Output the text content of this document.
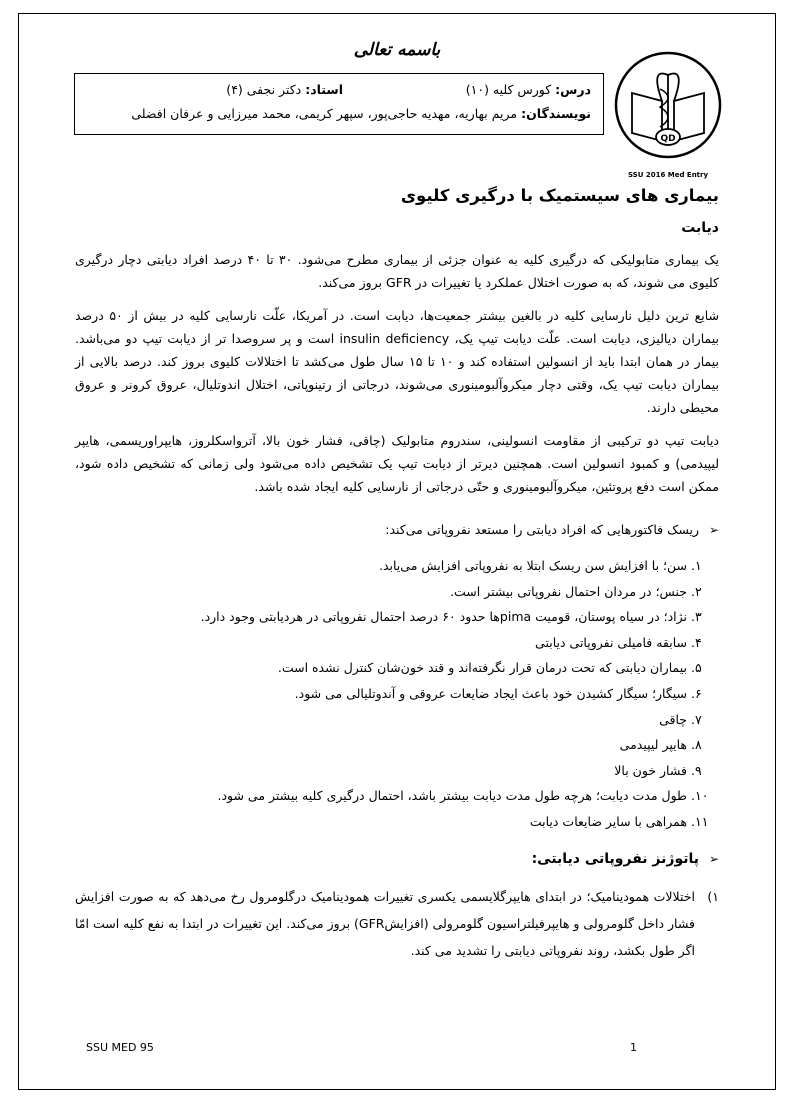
باسمه تعالی
QD
SSU 2016 Med Entry
درس: کورس کلیه (۱۰)
استاد: دکتر نجفی (۴)
نویسندگان: مریم بهاریه، مهدیه حاجی‌پور، سپهر کریمی، محمد میرزایی و عرفان افضلی
بیماری های سیستمیک با درگیری کلیوی
دیابت

یک بیماری متابولیکی که درگیری کلیه به عنوان جزئی از بیماری مطرح می‌شود. ۳۰ تا ۴۰ درصد افراد دیابتی دچار درگیری کلیوی می شوند، که به صورت اختلال عملکرد یا تغییرات در GFR بروز می‌کند.

شایع ترین دلیل نارسایی کلیه در بالغین بیشتر جمعیت‌ها، دیابت است. در آمریکا، علّت نارسایی کلیه در بیش از ۵۰ درصد بیماران دیالیزی، دیابت است. علّت دیابت تیپ یک، insulin deficiency است و پر سروصدا تر از دیابت تیپ دو می‌باشد. بیمار در همان ابتدا باید از انسولین استفاده کند و ۱۰ تا ۱۵ سال طول می‌کشد تا اختلالات کلیوی بروز کند. درصد بالایی از بیماران دیابت تیپ یک، وقتی دچار میکروآلبومینوری می‌شوند، درجاتی از رتینوپاتی، اختلال اندوتلیال، عروق کرونر و عروق محیطی دارند.

دیابت تیپ دو ترکیبی از مقاومت انسولینی، سندروم متابولیک (چاقی، فشار خون بالا، آترواسکلروز، هایپراوریسمی، هایپر لیپیدمی) و کمبود انسولین است. همچنین دیرتر از دیابت تیپ یک تشخیص داده می‌شود ولی زمانی که تشخیص داده شود، ممکن است دفع پروتئین، میکروآلبومینوری و حتّی درجاتی از نارسایی کلیه ایجاد شده باشد.

➢ریسک فاکتورهایی که افراد دیابتی را مستعد نفروپاتی می‌کند:
۱.سن؛ با افزایش سن ریسک ابتلا به نفروپاتی افزایش می‌یابد.
۲.جنس؛ در مردان احتمال نفروپاتی بیشتر است.
۳.نژاد؛ در سیاه پوستان، قومیت pimaها حدود ۶۰ درصد احتمال نفروپاتی در هردیابتی وجود دارد.
۴.سابقه فامیلی نفروپاتی دیابتی
۵.بیماران دیابتی که تحت درمان قرار نگرفته‌اند و قند خون‌شان کنترل نشده است.
۶.سیگار؛ سیگار کشیدن خود باعث ایجاد ضایعات عروقی و آندوتلیالی می شود.
۷.چاقی
۸.هایپر لیپیدمی
۹.فشار خون بالا
۱۰.طول مدت دیابت؛ هرچه طول مدت دیابت بیشتر باشد، احتمال درگیری کلیه بیشتر می شود.
۱۱.همراهی با سایر ضایعات دیابت
➢پاتوژنز نفروپاتی دیابتی:
۱)
اختلالات همودینامیک؛ در ابتدای هایپرگلایسمی یکسری تغییرات همودینامیک درگلومرول رخ می‌دهد که به صورت افزایش فشار داخل گلومرولی و هایپرفیلتراسیون گلومرولی (افزایشGFR) بروز می‌کند. این تغییرات در ابتدا به نفع کلیه است امّا اگر طول بکشد، روند نفروپاتی دیابتی را تشدید می کند.
SSU MED 95	1
